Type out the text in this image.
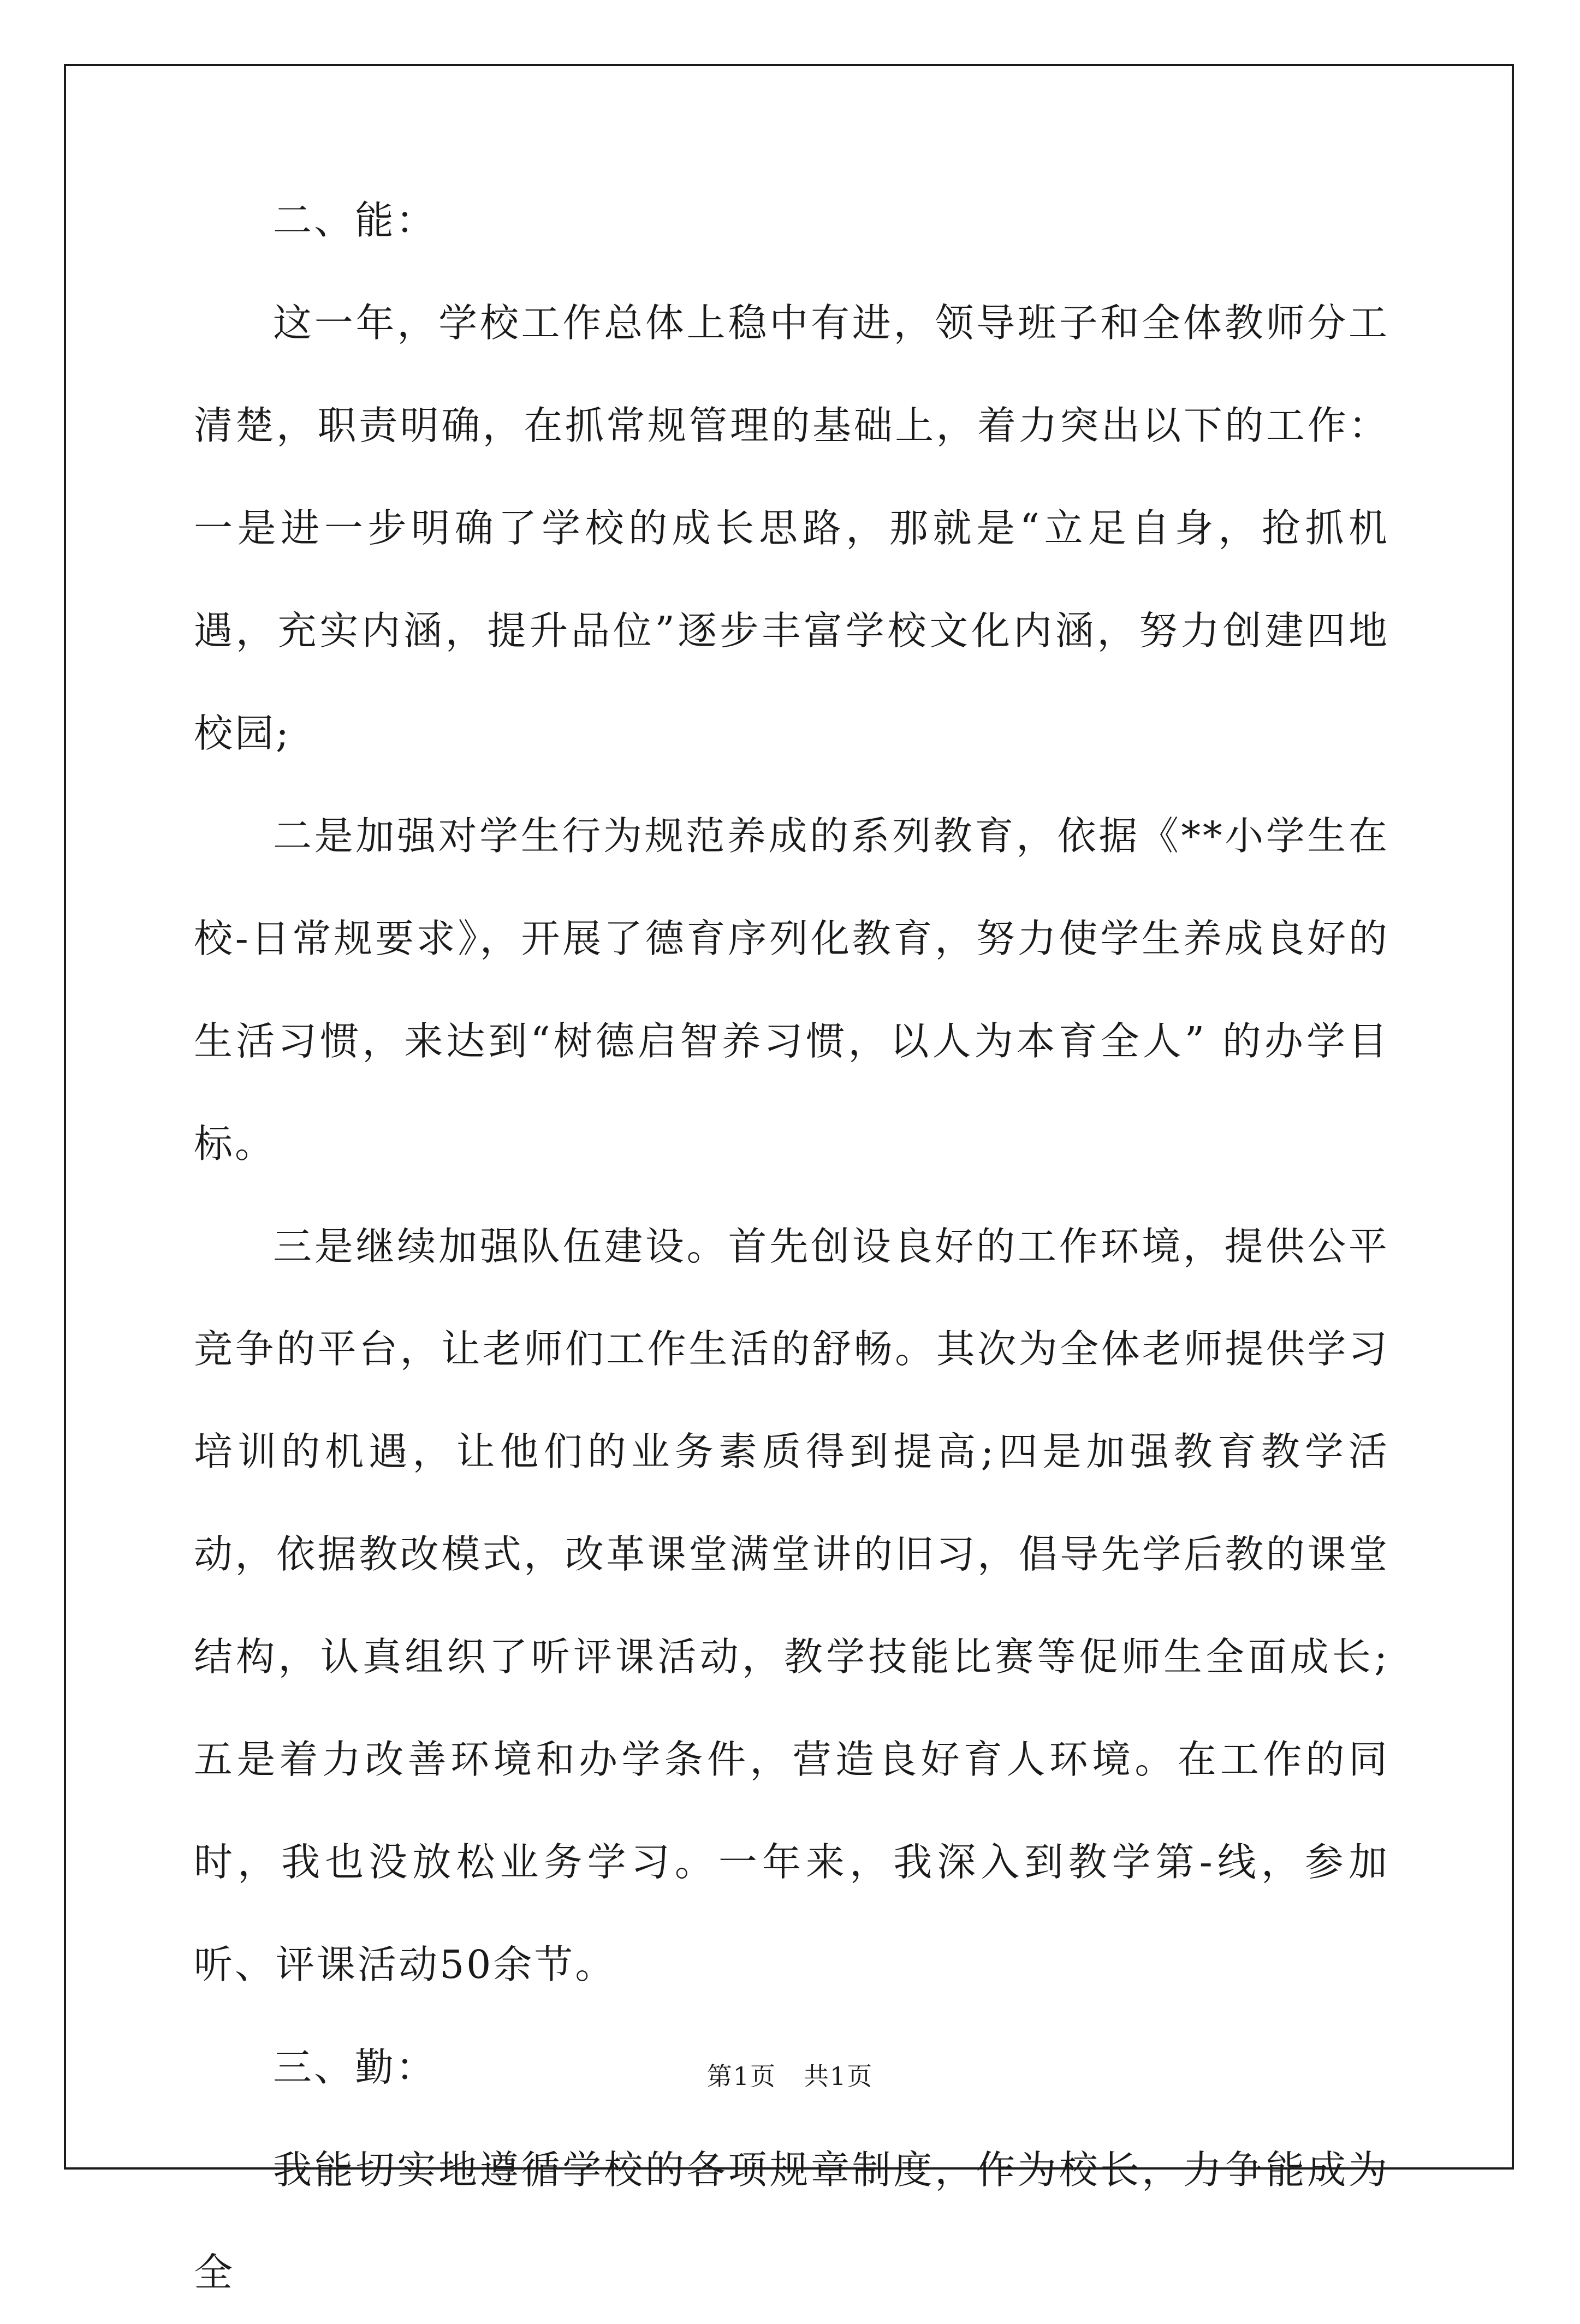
二、能：

这一年，学校工作总体上稳中有进，领导班子和全体教师分工清楚，职责明确，在抓常规管理的基础上，着力突出以下的工作：一是进一步明确了学校的成长思路，那就是“立足自身，抢抓机遇，充实内涵，提升品位”逐步丰富学校文化内涵，努力创建四地校园;

二是加强对学生行为规范养成的系列教育，依据《**小学生在校-日常规要求》，开展了德育序列化教育，努力使学生养成良好的生活习惯，来达到“树德启智养习惯，以人为本育全人” 的办学目标。

三是继续加强队伍建设。首先创设良好的工作环境，提供公平竞争的平台，让老师们工作生活的舒畅。其次为全体老师提供学习培训的机遇，让他们的业务素质得到提高;四是加强教育教学活动，依据教改模式，改革课堂满堂讲的旧习，倡导先学后教的课堂结构，认真组织了听评课活动，教学技能比赛等促师生全面成长;五是着力改善环境和办学条件，营造良好育人环境。在工作的同时，我也没放松业务学习。一年来，我深入到教学第-线，参加听、评课活动50余节。

三、勤：

我能切实地遵循学校的各项规章制度，作为校长，力争能成为全

第1页 共1页
